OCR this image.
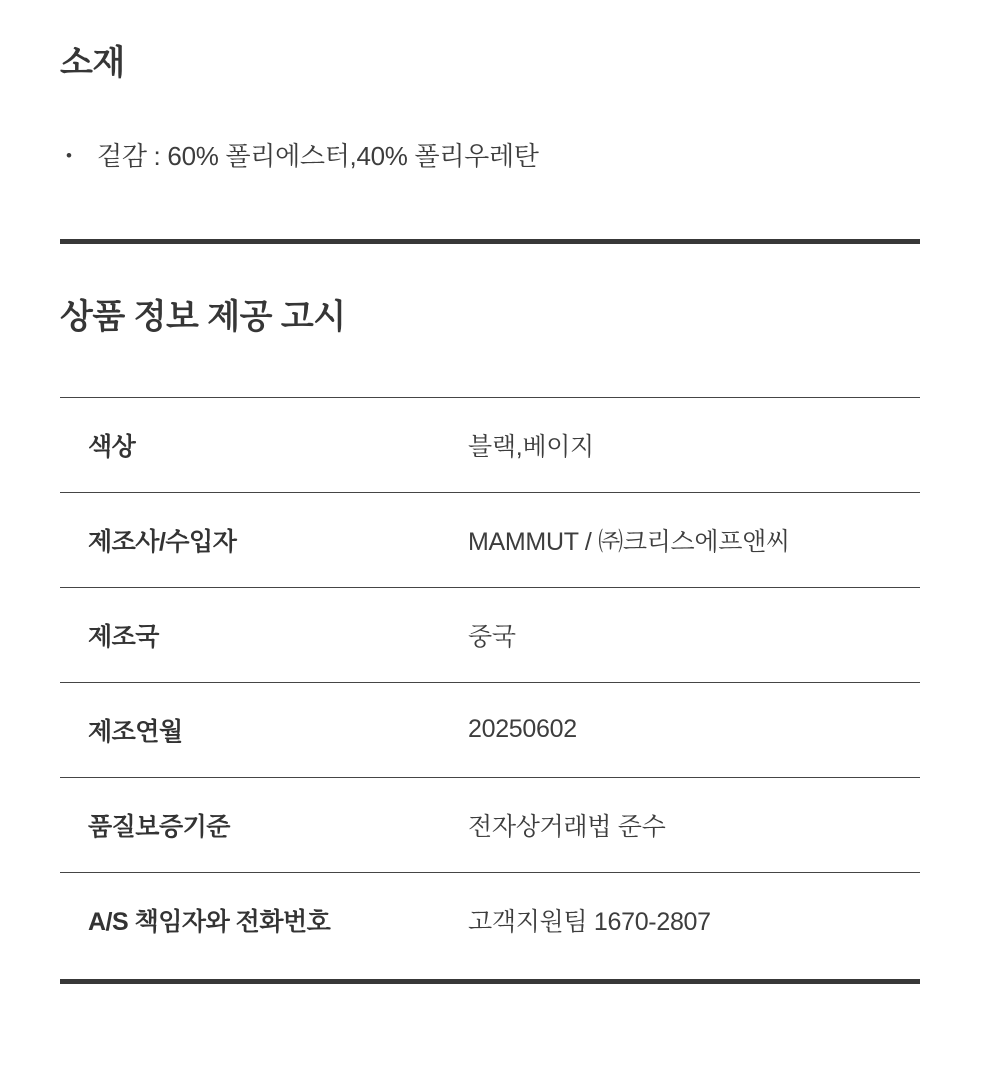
소재
• 겉감 : 60% 폴리에스터,40% 폴리우레탄
상품 정보 제공 고시
색상	블랙,베이지
제조사/수입자	MAMMUT / ㈜크리스에프앤씨
제조국	중국
제조연월	20250602
품질보증기준	전자상거래법 준수
A/S 책임자와 전화번호	고객지원팀 1670-2807
